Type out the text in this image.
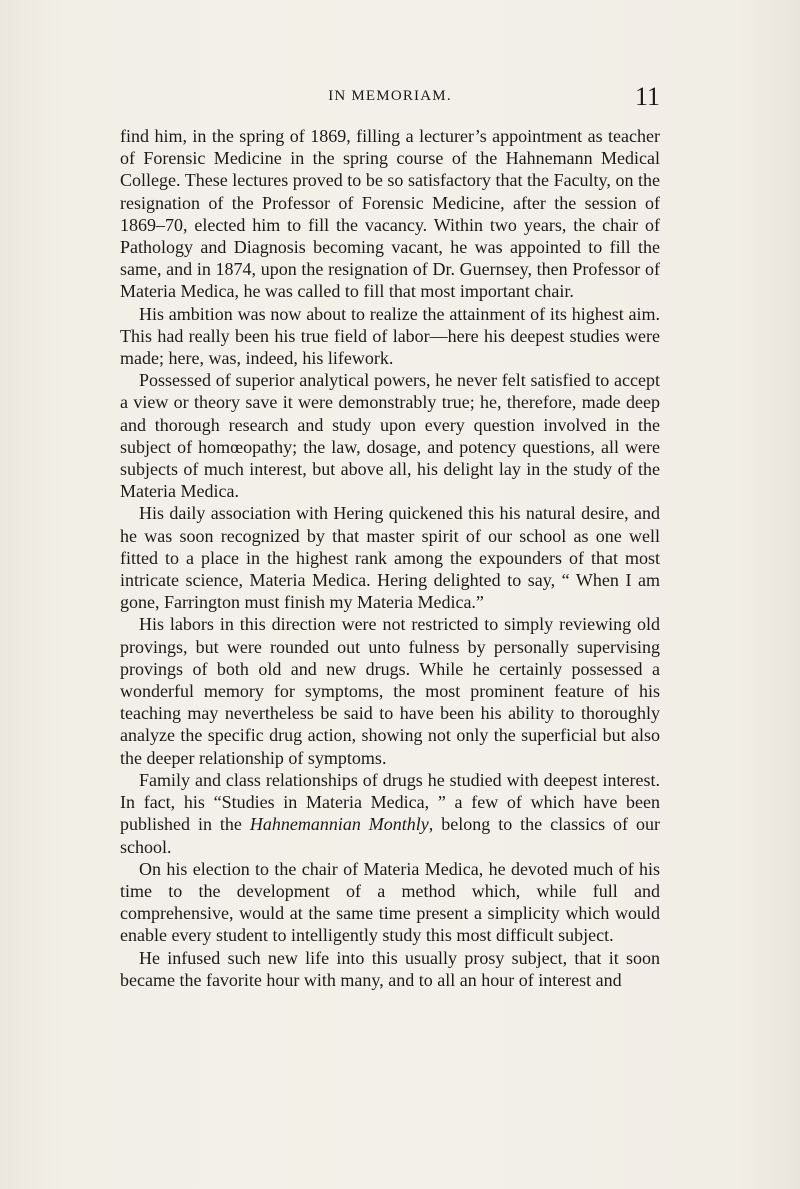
IN MEMORIAM.	11

find him, in the spring of 1869, filling a lecturer’s appointment as teacher of Forensic Medicine in the spring course of the Hahnemann Medical College. These lectures proved to be so satisfactory that the Faculty, on the resignation of the Professor of Forensic Medicine, after the session of 1869–70, elected him to fill the vacancy. Within two years, the chair of Pathology and Diagnosis becoming vacant, he was appointed to fill the same, and in 1874, upon the resignation of Dr. Guernsey, then Professor of Materia Medica, he was called to fill that most important chair.

His ambition was now about to realize the attainment of its highest aim. This had really been his true field of labor—here his deepest studies were made; here, was, indeed, his lifework.

Possessed of superior analytical powers, he never felt satisfied to accept a view or theory save it were demonstrably true; he, therefore, made deep and thorough research and study upon every question involved in the subject of homœopathy; the law, dosage, and potency questions, all were subjects of much interest, but above all, his delight lay in the study of the Materia Medica.

His daily association with Hering quickened this his natural desire, and he was soon recognized by that master spirit of our school as one well fitted to a place in the highest rank among the expounders of that most intricate science, Materia Medica. Hering delighted to say, “ When I am gone, Farrington must finish my Materia Medica.”

His labors in this direction were not restricted to simply reviewing old provings, but were rounded out unto fulness by personally supervising provings of both old and new drugs. While he certainly possessed a wonderful memory for symptoms, the most prominent feature of his teaching may nevertheless be said to have been his ability to thoroughly analyze the specific drug action, showing not only the superficial but also the deeper relationship of symptoms.

Family and class relationships of drugs he studied with deepest interest. In fact, his “Studies in Materia Medica, ” a few of which have been published in the Hahnemannian Monthly, belong to the classics of our school.

On his election to the chair of Materia Medica, he devoted much of his time to the development of a method which, while full and comprehensive, would at the same time present a simplicity which would enable every student to intelligently study this most difficult subject.

He infused such new life into this usually prosy subject, that it soon became the favorite hour with many, and to all an hour of interest and
